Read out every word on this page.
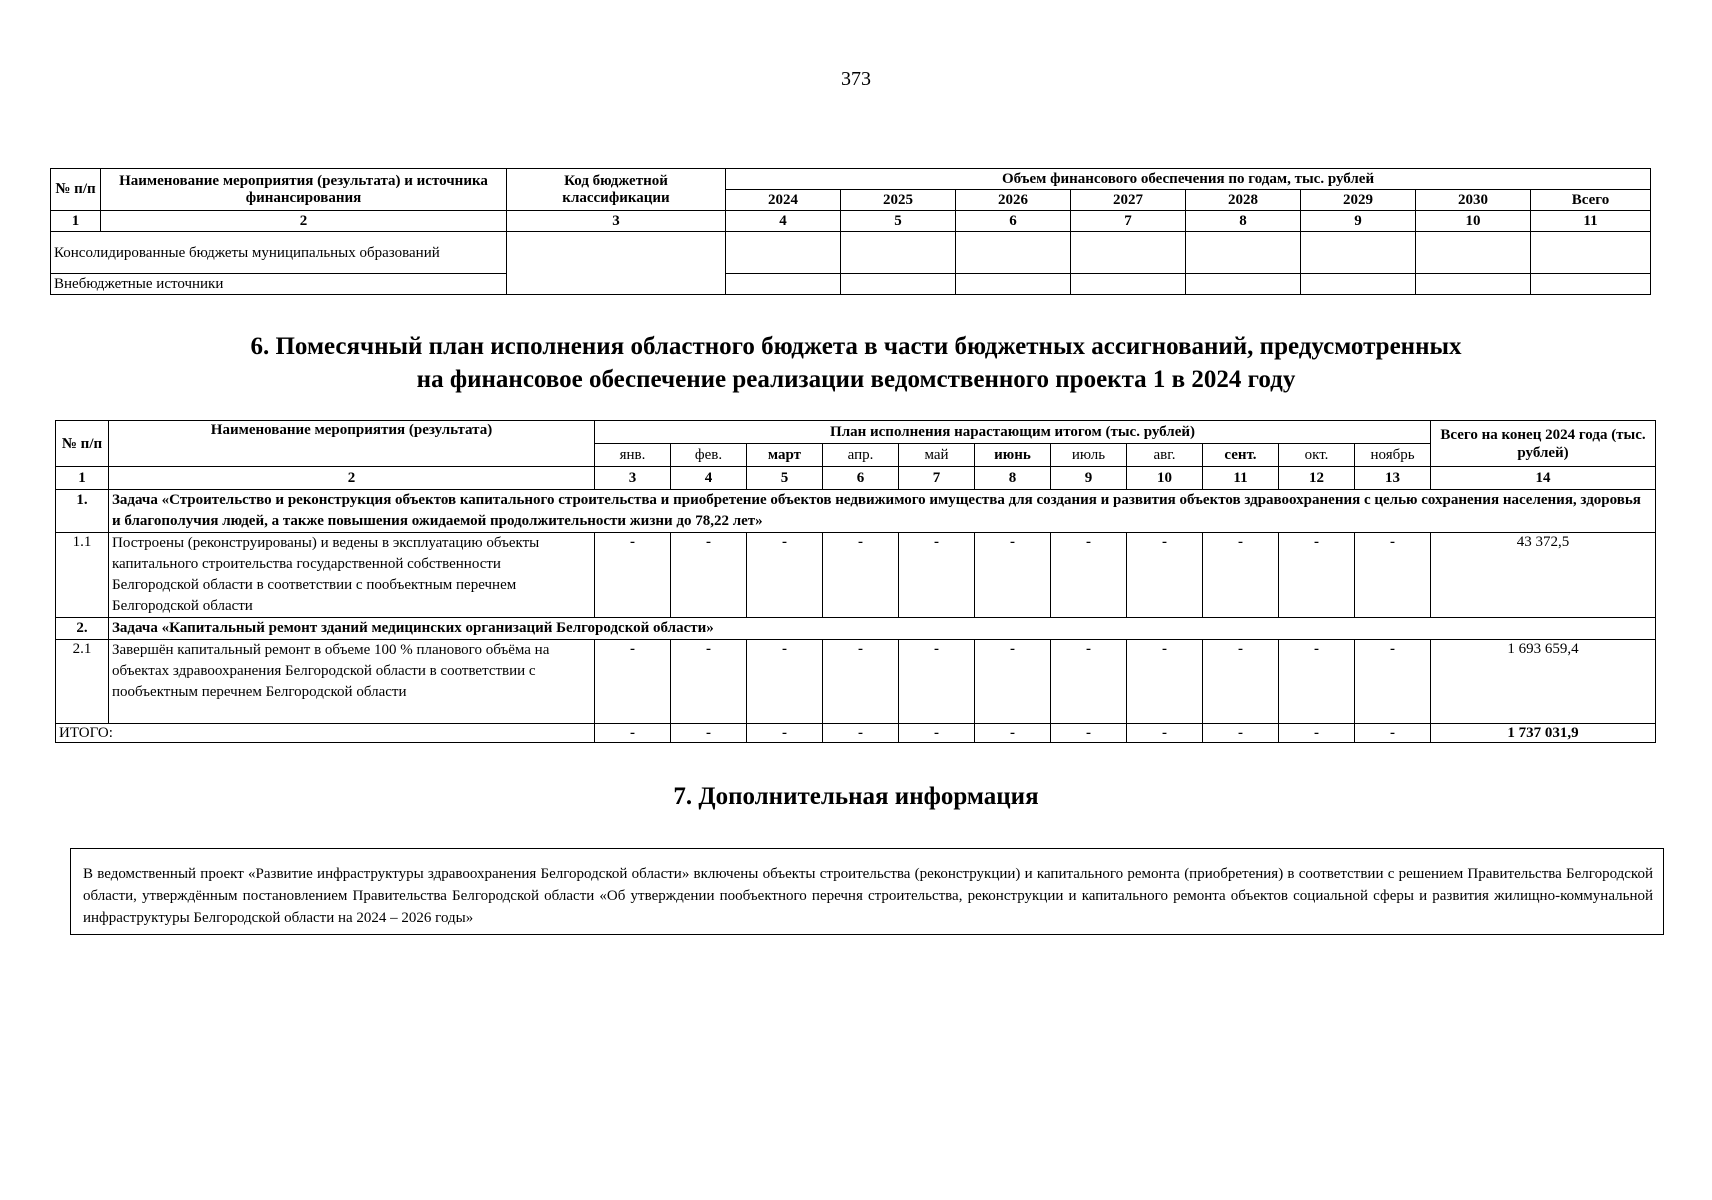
373
№ п/п	Наименование мероприятия (результата) и источника финансирования	Код бюджетной классификации	Объем финансового обеспечения по годам, тыс. рублей							
			2024	2025	2026	2027	2028	2029	2030	Всего
1	2	3	4	5	6	7	8	9	10	11
Консолидированные бюджеты муниципальных образований										
Внебюджетные источники										
6. Помесячный план исполнения областного бюджета в части бюджетных ассигнований, предусмотренных
на финансовое обеспечение реализации ведомственного проекта 1 в 2024 году
№ п/п	Наименование мероприятия (результата)	План исполнения нарастающим итогом (тыс. рублей)											Всего на конец 2024 года (тыс. рублей)
		янв.	фев.	март	апр.	май	июнь	июль	авг.	сент.	окт.	ноябрь	
1	2	3	4	5	6	7	8	9	10	11	12	13	14
1.	Задача «Строительство и реконструкция объектов капитального строительства и приобретение объектов недвижимого имущества для создания и развития объектов здравоохранения с целью сохранения населения, здоровья и благополучия людей, а также повышения ожидаемой продолжительности жизни до 78,22 лет»												
1.1	Построены (реконструированы) и ведены в эксплуатацию объекты капитального строительства государственной собственности Белгородской области в соответствии с пообъектным перечнем Белгородской области	-	-	-	-	-	-	-	-	-	-	-	43 372,5
2.	Задача «Капитальный ремонт зданий медицинских организаций Белгородской области»												
2.1	Завершён капитальный ремонт в объеме 100 % планового объёма на объектах здравоохранения Белгородской области в соответствии с пообъектным перечнем Белгородской области	-	-	-	-	-	-	-	-	-	-	-	1 693 659,4
ИТОГО:		-	-	-	-	-	-	-	-	-	-	-	1 737 031,9
7. Дополнительная информация
В ведомственный проект «Развитие инфраструктуры здравоохранения Белгородской области» включены объекты строительства (реконструкции) и капитального ремонта (приобретения) в соответствии с решением Правительства Белгородской области, утверждённым постановлением Правительства Белгородской области «Об утверждении пообъектного перечня строительства, реконструкции и капитального ремонта объектов социальной сферы и развития жилищно-коммунальной инфраструктуры Белгородской области на 2024 – 2026 годы»
